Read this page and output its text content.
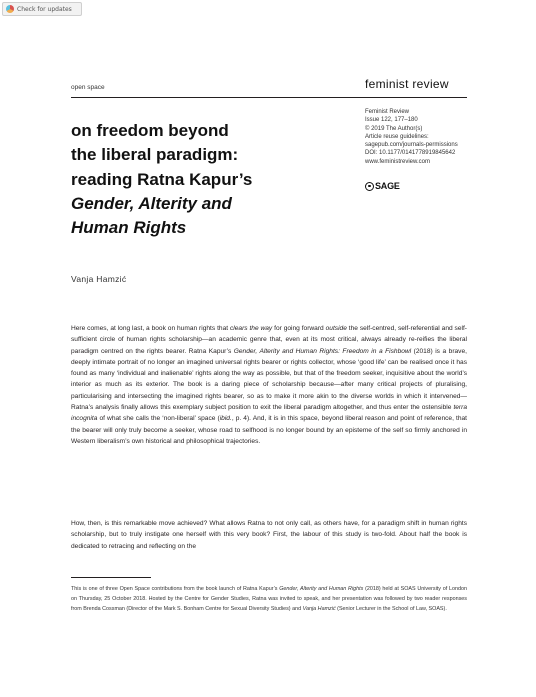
Check for updates
open space	feminist review
Feminist Review
Issue 122, 177–180
© 2019 The Author(s)
Article reuse guidelines:
sagepub.com/journals-permissions
DOI: 10.1177/0141778919845642
www.feministreview.com
SAGE
on freedom beyond
the liberal paradigm:
reading Ratna Kapur’s
Gender, Alterity and
Human Rights
Vanja Hamzić
Here comes, at long last, a book on human rights that clears the way for going forward outside the self-centred, self-referential and self-sufficient circle of human rights scholarship—an academic genre that, even at its most critical, always already re-reifies the liberal paradigm centred on the rights bearer. Ratna Kapur’s Gender, Alterity and Human Rights: Freedom in a Fishbowl (2018) is a brave, deeply intimate portrait of no longer an imagined universal rights bearer or rights collector, whose ‘good life’ can be realised once it has found as many ‘individual and inalienable’ rights along the way as possible, but that of the freedom seeker, inquisitive about the world’s interior as much as its exterior. The book is a daring piece of scholarship because—after many critical projects of pluralising, particularising and intersecting the imagined rights bearer, so as to make it more akin to the diverse worlds in which it intervened—Ratna’s analysis finally allows this exemplary subject position to exit the liberal paradigm altogether, and thus enter the ostensible terra incognita of what she calls the ‘non-liberal’ space (ibid., p. 4). And, it is in this space, beyond liberal reason and point of reference, that the bearer will only truly become a seeker, whose road to selfhood is no longer bound by an episteme of the self so firmly anchored in Western liberalism’s own historical and philosophical trajectories.
How, then, is this remarkable move achieved? What allows Ratna to not only call, as others have, for a paradigm shift in human rights scholarship, but to truly instigate one herself with this very book? First, the labour of this study is two-fold. About half the book is dedicated to retracing and reflecting on the
This is one of three Open Space contributions from the book launch of Ratna Kapur’s Gender, Alterity and Human Rights (2018) held at SOAS University of London on Thursday, 25 October 2018. Hosted by the Centre for Gender Studies, Ratna was invited to speak, and her presentation was followed by two reader responses from Brenda Cossman (Director of the Mark S. Bonham Centre for Sexual Diversity Studies) and Vanja Hamzić (Senior Lecturer in the School of Law, SOAS).
